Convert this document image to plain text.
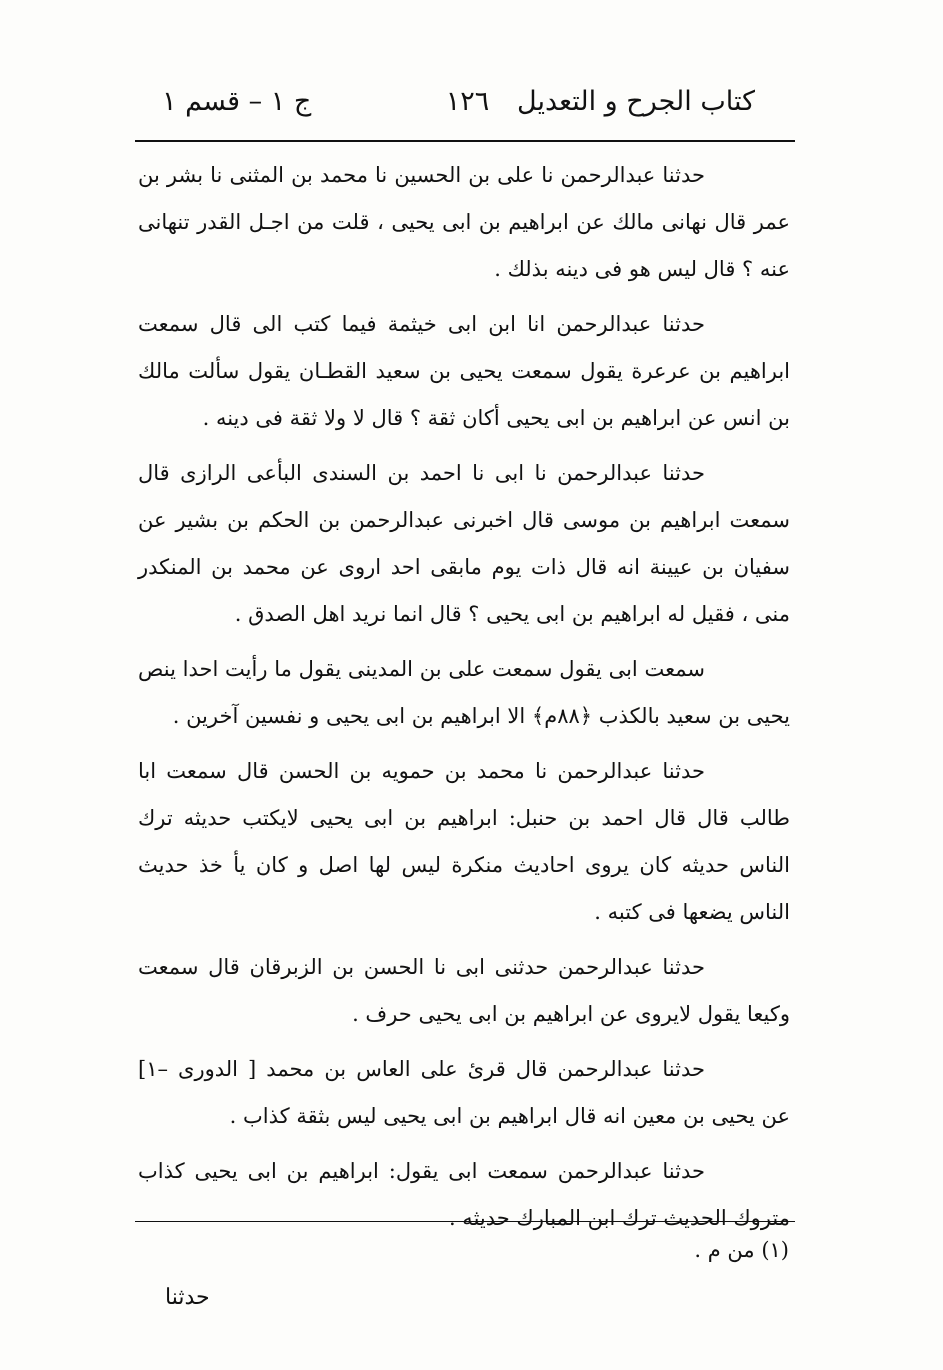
كتاب الجرح و التعديل
١٢٦
ج ١ – قسم ١

حدثنا عبدالرحمن نا على بن الحسين نا محمد بن المثنى نا بشر بن عمر قال نهانى مالك عن ابراهيم بن ابى يحيى ، قلت من اجـل القدر تنهانى عنه ؟ قال ليس هو فى دينه بذلك .

حدثنا عبدالرحمن انا ابن ابى خيثمة فيما كتب الى قال سمعت ابراهيم بن عرعرة يقول سمعت يحيى بن سعيد القطـان يقول سألت مالك بن انس عن ابراهيم بن ابى يحيى أكان ثقة ؟ قال لا ولا ثقة فى دينه .

حدثنا عبدالرحمن نا ابى نا احمد بن السندى البأعى الرازى قال سمعت ابراهيم بن موسى قال اخبرنى عبدالرحمن بن الحكم بن بشير عن سفيان بن عيينة انه قال ذات يوم مابقى احد اروى عن محمد بن المنكدر منى ، فقيل له ابراهيم بن ابى يحيى ؟ قال انما نريد اهل الصدق .

سمعت ابى يقول سمعت على بن المدينى يقول ما رأيت احدا ينص يحيى بن سعيد بالكذب ﴿٨٨م﴾ الا ابراهيم بن ابى يحيى و نفسين آخرين .

حدثنا عبدالرحمن نا محمد بن حمويه بن الحسن قال سمعت ابا طالب قال قال احمد بن حنبل: ابراهيم بن ابى يحيى لايكتب حديثه ترك الناس حديثه كان يروى احاديث منكرة ليس لها اصل و كان يأ خذ حديث الناس يضعها فى كتبه .

حدثنا عبدالرحمن حدثنى ابى نا الحسن بن الزبرقان قال سمعت وكيعا يقول لايروى عن ابراهيم بن ابى يحيى حرف .

حدثنا عبدالرحمن قال قرئ على العاس بن محمد [ الدورى –١] عن يحيى بن معين انه قال ابراهيم بن ابى يحيى ليس بثقة كذاب .

حدثنا عبدالرحمن سمعت ابى يقول: ابراهيم بن ابى يحيى كذاب متروك الحديث ترك ابن المبارك حديثه .

(١) من م .
حدثنا
